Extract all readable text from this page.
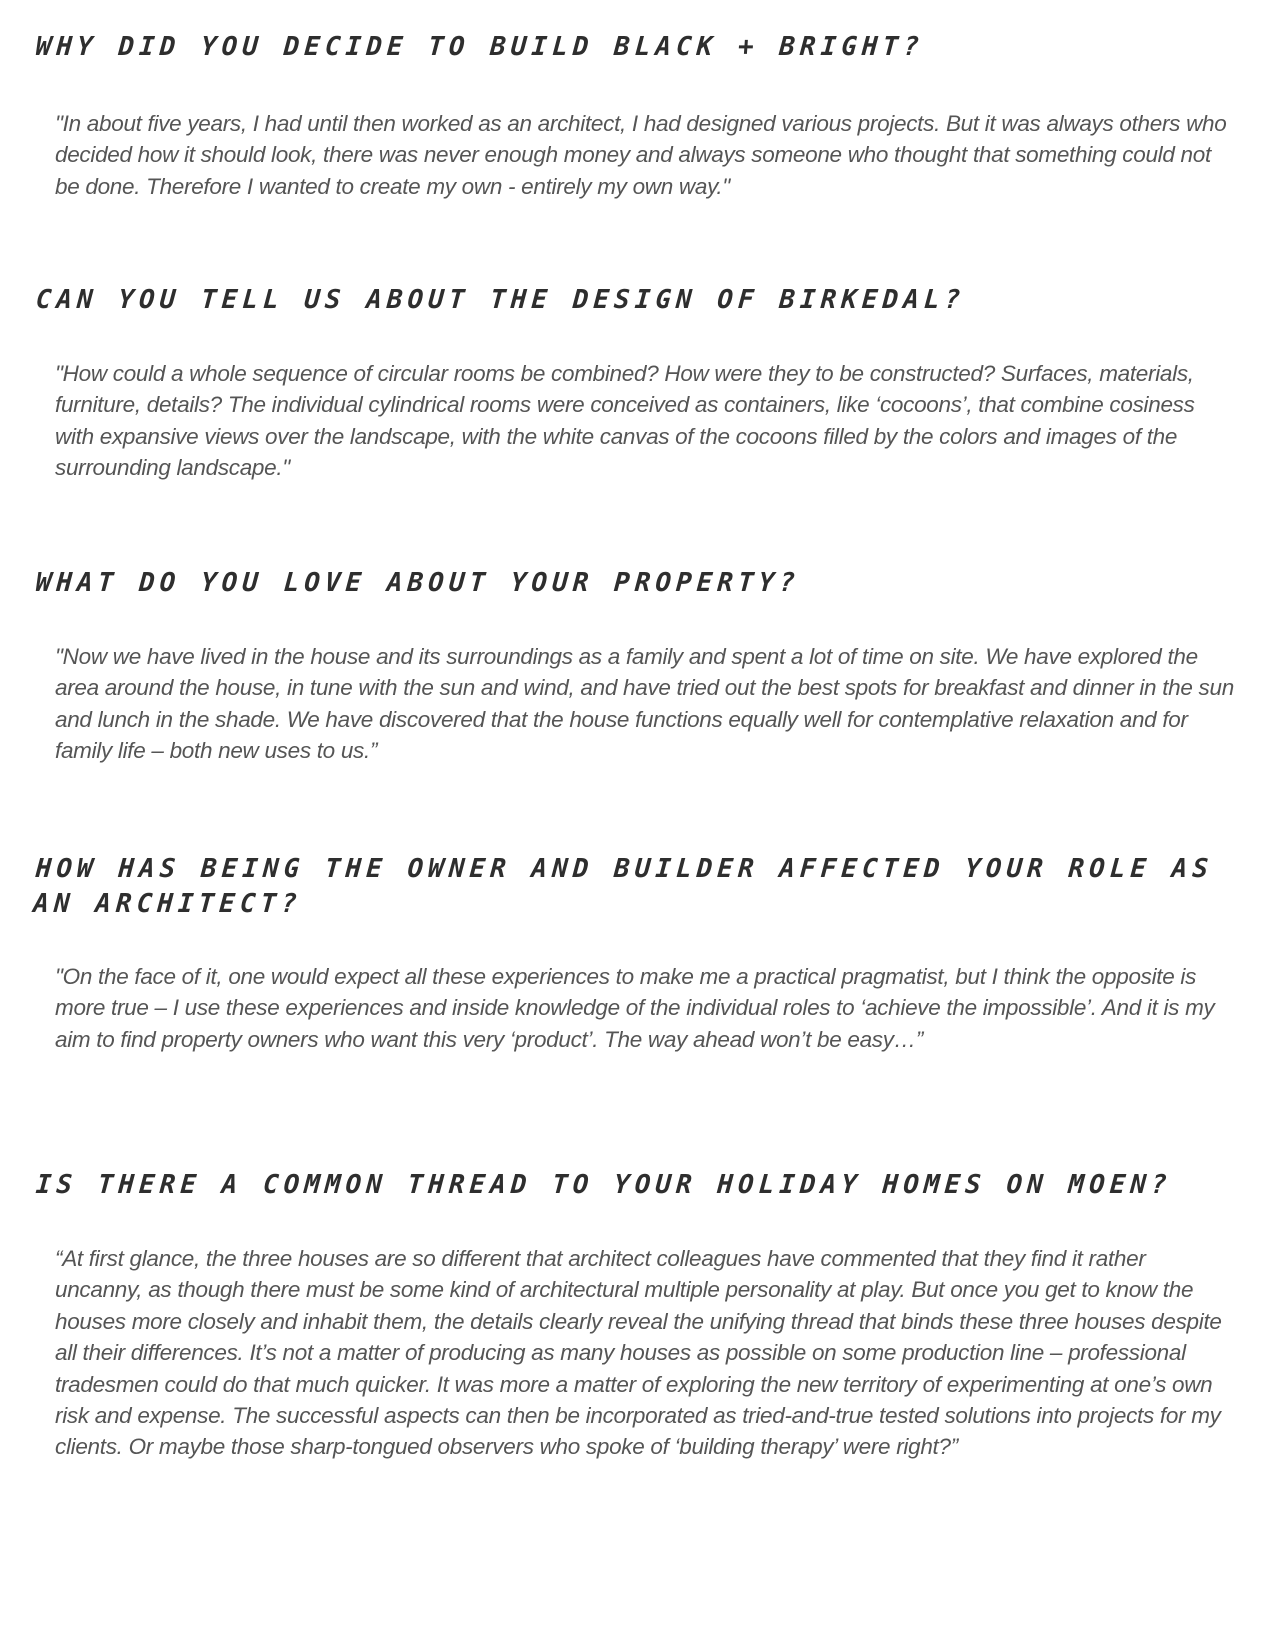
WHY DID YOU DECIDE TO BUILD BLACK + BRIGHT?

"In about five years, I had until then worked as an architect, I had designed various projects. But it was always others who decided how it should look, there was never enough money and always someone who thought that something could not be done. Therefore I wanted to create my own - entirely my own way."

CAN YOU TELL US ABOUT THE DESIGN OF BIRKEDAL?

"How could a whole sequence of circular rooms be combined? How were they to be constructed? Surfaces, materials, furniture, details? The individual cylindrical rooms were conceived as containers, like ‘cocoons’, that combine cosiness with expansive views over the landscape, with the white canvas of the cocoons filled by the colors and images of the surrounding landscape."

WHAT DO YOU LOVE ABOUT YOUR PROPERTY?

"Now we have lived in the house and its surroundings as a family and spent a lot of time on site. We have explored the area around the house, in tune with the sun and wind, and have tried out the best spots for breakfast and dinner in the sun and lunch in the shade. We have discovered that the house functions equally well for contemplative relaxation and for family life – both new uses to us.”

HOW HAS BEING THE OWNER AND BUILDER AFFECTED YOUR ROLE AS AN ARCHITECT?

"On the face of it, one would expect all these experiences to make me a practical pragmatist, but I think the opposite is more true – I use these experiences and inside knowledge of the individual roles to ‘achieve the impossible’. And it is my aim to find property owners who want this very ‘product’. The way ahead won’t be easy…”

IS THERE A COMMON THREAD TO YOUR HOLIDAY HOMES ON MOEN?

“At first glance, the three houses are so different that architect colleagues have commented that they find it rather uncanny, as though there must be some kind of architectural multiple personality at play. But once you get to know the houses more closely and inhabit them, the details clearly reveal the unifying thread that binds these three houses despite all their differences. It’s not a matter of producing as many houses as possible on some production line – professional tradesmen could do that much quicker. It was more a matter of exploring the new territory of experimenting at one’s own risk and expense. The successful aspects can then be incorporated as tried-and-true tested solutions into projects for my clients. Or maybe those sharp-tongued observers who spoke of ‘building therapy’ were right?”
